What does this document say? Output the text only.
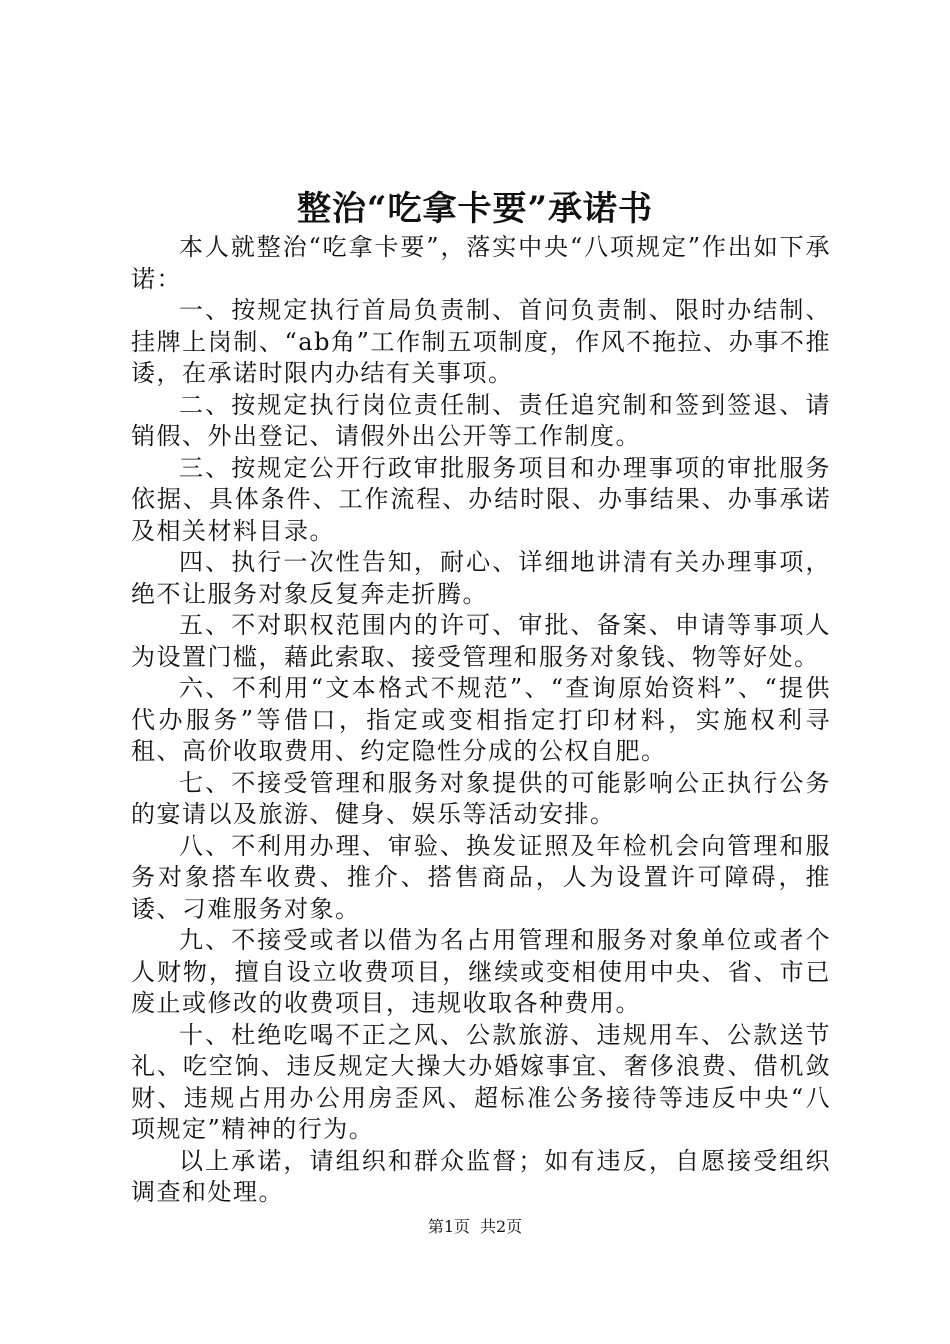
整治“吃拿卡要”承诺书

本人就整治“吃拿卡要”，落实中央“八项规定”作出如下承诺：

一、按规定执行首局负责制、首问负责制、限时办结制、挂牌上岗制、“ab角”工作制五项制度，作风不拖拉、办事不推诿，在承诺时限内办结有关事项。

二、按规定执行岗位责任制、责任追究制和签到签退、请销假、外出登记、请假外出公开等工作制度。

三、按规定公开行政审批服务项目和办理事项的审批服务依据、具体条件、工作流程、办结时限、办事结果、办事承诺及相关材料目录。

四、执行一次性告知，耐心、详细地讲清有关办理事项，绝不让服务对象反复奔走折腾。

五、不对职权范围内的许可、审批、备案、申请等事项人为设置门槛，藉此索取、接受管理和服务对象钱、物等好处。

六、不利用“文本格式不规范”、“查询原始资料”、“提供代办服务”等借口，指定或变相指定打印材料，实施权利寻租、高价收取费用、约定隐性分成的公权自肥。

七、不接受管理和服务对象提供的可能影响公正执行公务的宴请以及旅游、健身、娱乐等活动安排。

八、不利用办理、审验、换发证照及年检机会向管理和服务对象搭车收费、推介、搭售商品，人为设置许可障碍，推诿、刁难服务对象。

九、不接受或者以借为名占用管理和服务对象单位或者个人财物，擅自设立收费项目，继续或变相使用中央、省、市已废止或修改的收费项目，违规收取各种费用。

十、杜绝吃喝不正之风、公款旅游、违规用车、公款送节礼、吃空饷、违反规定大操大办婚嫁事宜、奢侈浪费、借机敛财、违规占用办公用房歪风、超标准公务接待等违反中央“八项规定”精神的行为。

以上承诺，请组织和群众监督；如有违反，自愿接受组织调查和处理。

第1页 共2页
